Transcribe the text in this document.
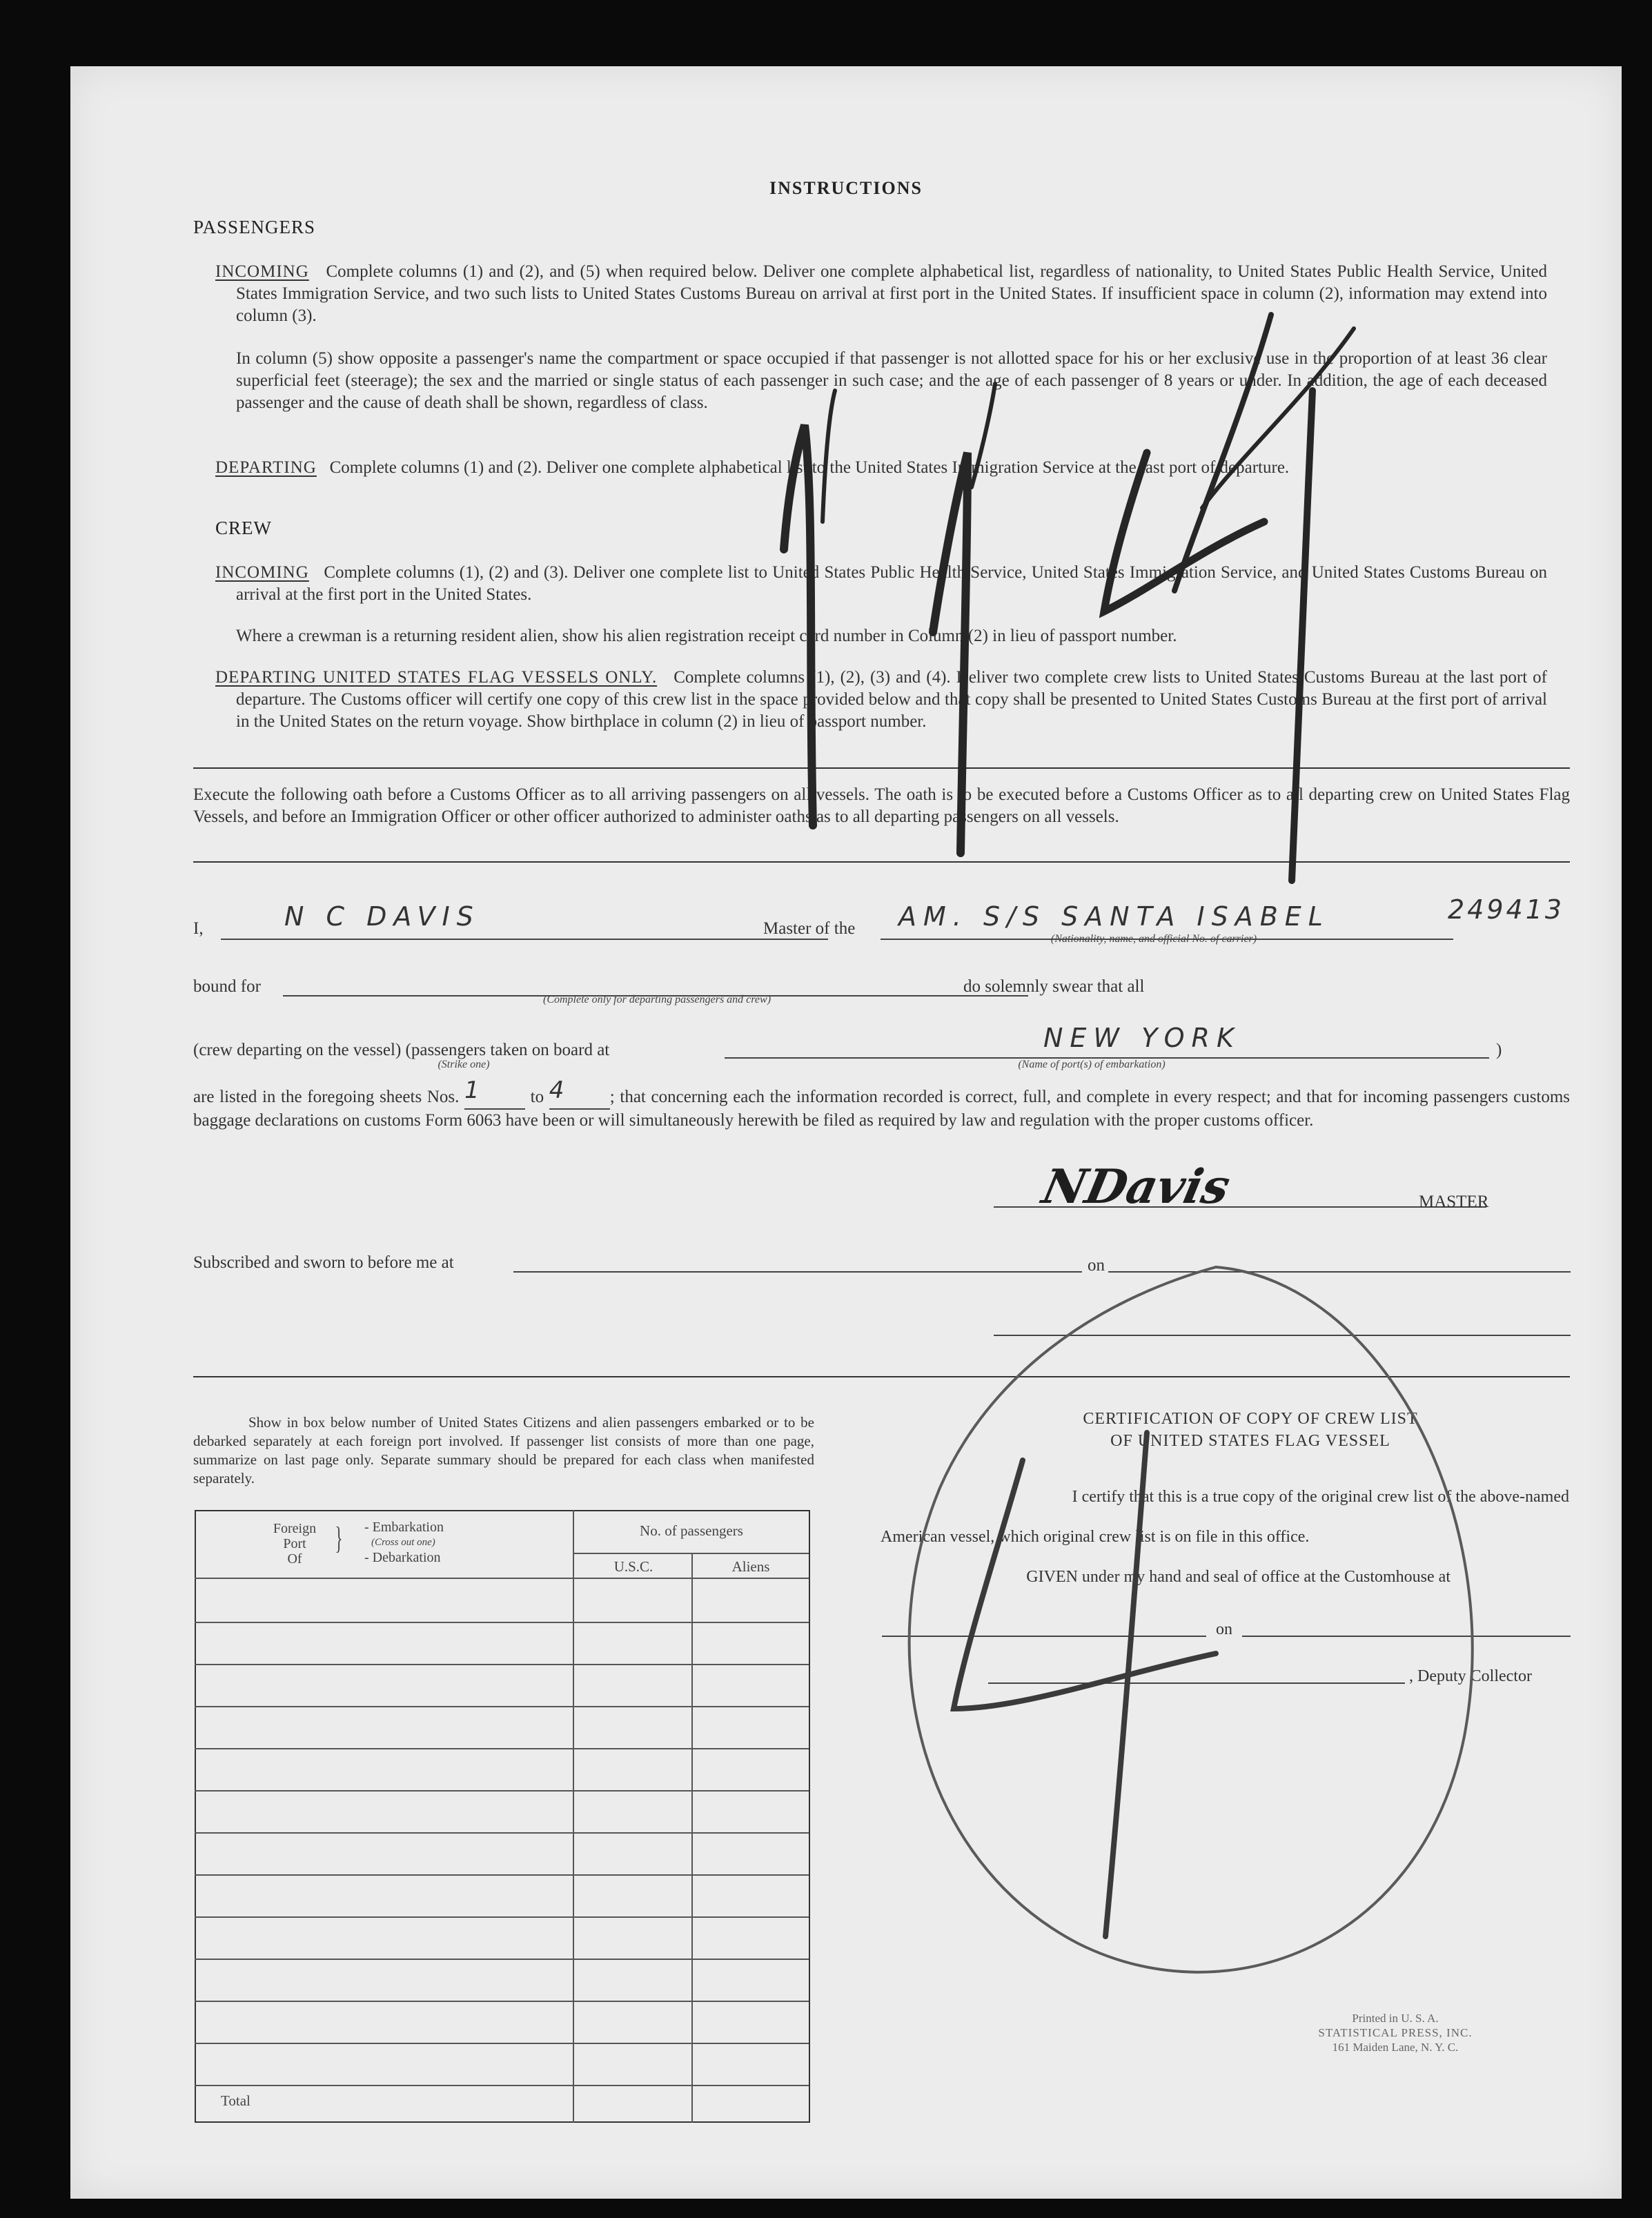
INSTRUCTIONS
PASSENGERS
INCOMING Complete columns (1) and (2), and (5) when required below. Deliver one complete alphabetical list, regardless of nationality, to United States Public Health Service, United States Immigration Service, and two such lists to United States Customs Bureau on arrival at first port in the United States. If insufficient space in column (2), information may extend into column (3).
In column (5) show opposite a passenger's name the compartment or space occupied if that passenger is not allotted space for his or her exclusive use in the proportion of at least 36 clear superficial feet (steerage); the sex and the married or single status of each passenger in such case; and the age of each passenger of 8 years or under. In addition, the age of each deceased passenger and the cause of death shall be shown, regardless of class.
DEPARTING Complete columns (1) and (2). Deliver one complete alphabetical list to the United States Immigration Service at the last port of departure.
CREW
INCOMING Complete columns (1), (2) and (3). Deliver one complete list to United States Public Health Service, United States Immigration Service, and United States Customs Bureau on arrival at the first port in the United States.
Where a crewman is a returning resident alien, show his alien registration receipt card number in Column (2) in lieu of passport number.
DEPARTING UNITED STATES FLAG VESSELS ONLY. Complete columns (1), (2), (3) and (4). Deliver two complete crew lists to United States Customs Bureau at the last port of departure. The Customs officer will certify one copy of this crew list in the space provided below and that copy shall be presented to United States Customs Bureau at the first port of arrival in the United States on the return voyage. Show birthplace in column (2) in lieu of passport number.
Execute the following oath before a Customs Officer as to all arriving passengers on all vessels. The oath is to be executed before a Customs Officer as to all departing crew on United States Flag Vessels, and before an Immigration Officer or other officer authorized to administer oaths as to all departing passengers on all vessels.
I,	N C DAVIS	Master of the AM. S/S SANTA ISABEL	249413
(Nationality, name, and official No. of carrier)
bound for
(Complete only for departing passengers and crew)
do solemnly swear that all
(crew departing on the vessel) (passengers taken on board at
(Strike one)
NEW YORK
(Name of port(s) of embarkation)
)
are listed in the foregoing sheets Nos. 1	to 4	; that concerning each the information recorded is correct, full, and complete in every respect; and that for incoming passengers customs baggage declarations on customs Form 6063 have been or will simultaneously herewith be filed as required by law and regulation with the proper customs officer.
NDavis	MASTER
Subscribed and sworn to before me at	on
Show in box below number of United States Citizens and alien passengers embarked or to be debarked separately at each foreign port involved. If passenger list consists of more than one page, summarize on last page only. Separate summary should be prepared for each class when manifested separately.
Foreign
Port
Of
} - Embarkation
(Cross out one)
- Debarkation
No. of passengers
U.S.C.	Aliens
Total
CERTIFICATION OF COPY OF CREW LIST
OF UNITED STATES FLAG VESSEL
I certify that this is a true copy of the original crew list of the above-named
American vessel, which original crew list is on file in this office.
GIVEN under my hand and seal of office at the Customhouse at
on
, Deputy Collector
Printed in U. S. A.
STATISTICAL PRESS, INC.
161 Maiden Lane, N. Y. C.
1114
4
